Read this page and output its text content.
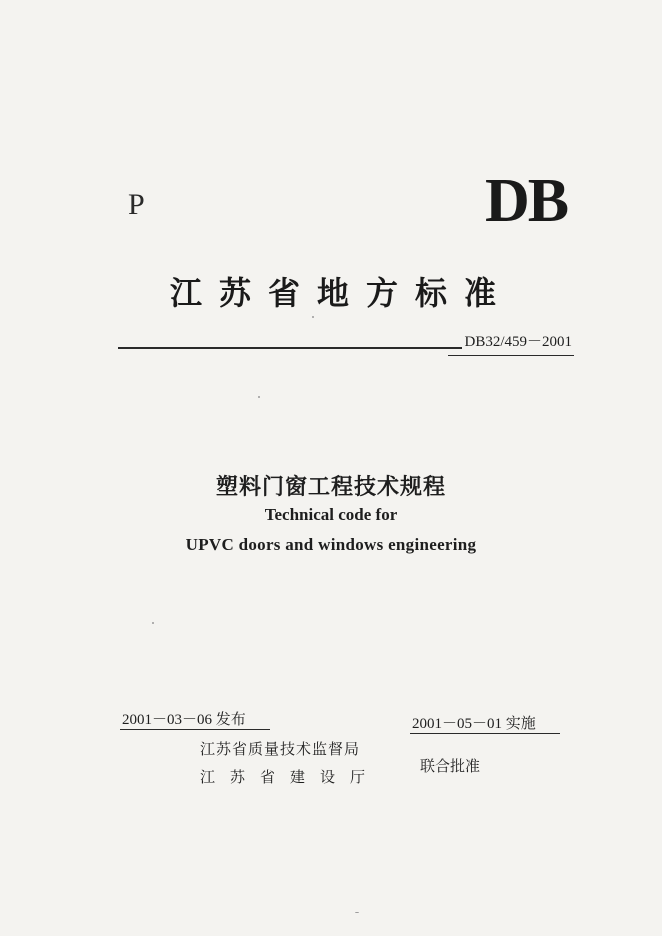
P	DB
江苏省地方标准
DB32/459－2001
塑料门窗工程技术规程
Technical code for
UPVC doors and windows engineering
2001－03－06 发布	2001－05－01 实施
江苏省质量技术监督局
江苏省建设厅
联合批准
